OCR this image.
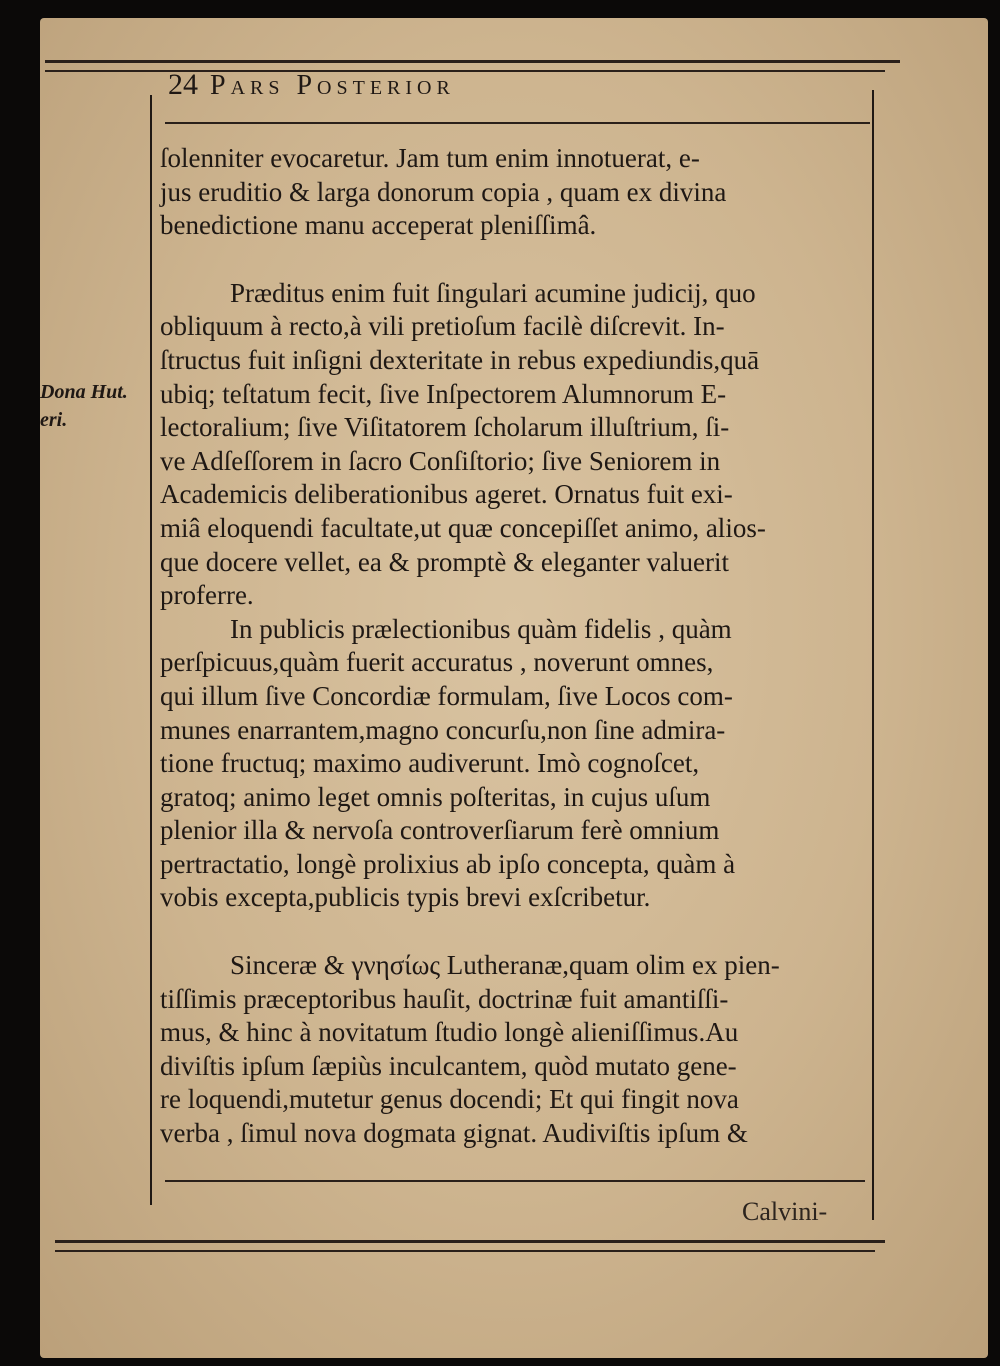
24 Pars Posterior
Dona Hut.
eri.
ſolenniter evocaretur. Jam tum enim innotuerat, e-
jus eruditio & larga donorum copia , quam ex divina
benedictione manu acceperat pleniſſimâ.
Præditus enim fuit ſingulari acumine judicij, quo
obliquum à recto,à vili pretioſum facilè diſcrevit. In-
ſtructus fuit inſigni dexteritate in rebus expediundis,quā
ubiq; teſtatum fecit, ſive Inſpectorem Alumnorum E-
lectoralium; ſive Viſitatorem ſcholarum illuſtrium, ſi-
ve Adſeſſorem in ſacro Conſiſtorio; ſive Seniorem in
Academicis deliberationibus ageret. Ornatus fuit exi-
miâ eloquendi facultate,ut quæ concepiſſet animo, alios-
que docere vellet, ea & promptè & eleganter valuerit
proferre.
In publicis prælectionibus quàm fidelis , quàm
perſpicuus,quàm fuerit accuratus , noverunt omnes,
qui illum ſive Concordiæ formulam, ſive Locos com-
munes enarrantem,magno concurſu,non ſine admira-
tione fructuq; maximo audiverunt. Imò cognoſcet,
gratoq; animo leget omnis poſteritas, in cujus uſum
plenior illa & nervoſa controverſiarum ferè omnium
pertractatio, longè prolixius ab ipſo concepta, quàm à
vobis excepta,publicis typis brevi exſcribetur.
Sinceræ & γνησίως Lutheranæ,quam olim ex pien-
tiſſimis præceptoribus hauſit, doctrinæ fuit amantiſſi-
mus, & hinc à novitatum ſtudio longè alieniſſimus.Au
diviſtis ipſum ſæpiùs inculcantem, quòd mutato gene-
re loquendi,mutetur genus docendi; Et qui fingit nova
verba , ſimul nova dogmata gignat. Audiviſtis ipſum &
Calvini-
